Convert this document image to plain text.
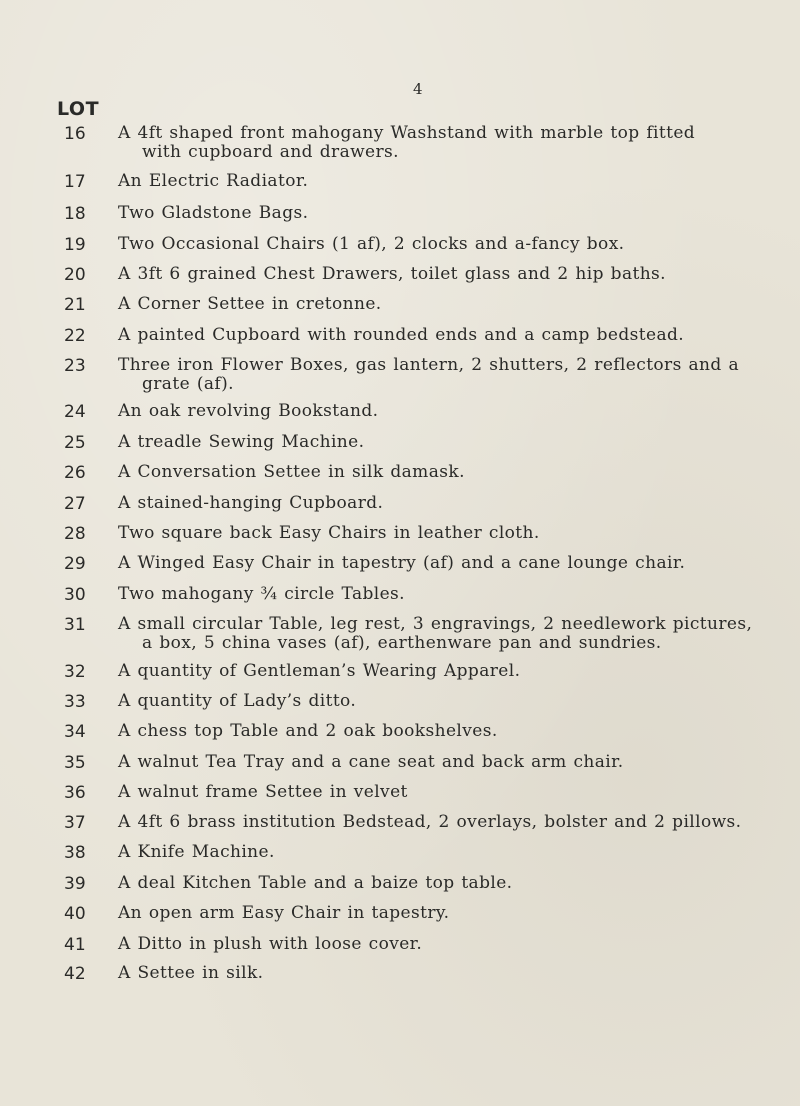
4
LOT
16	A 4ft shaped front mahogany Washstand with marble top fitted
with cupboard and drawers.
17	An Electric Radiator.
18	Two Gladstone Bags.
19	Two Occasional Chairs (1 af), 2 clocks and a-fancy box.
20	A 3ft 6 grained Chest Drawers, toilet glass and 2 hip baths.
21	A Corner Settee in cretonne.
22	A painted Cupboard with rounded ends and a camp bedstead.
23	Three iron Flower Boxes, gas lantern, 2 shutters, 2 reflectors and a
grate (af).
24	An oak revolving Bookstand.
25	A treadle Sewing Machine.
26	A Conversation Settee in silk damask.
27	A stained-hanging Cupboard.
28	Two square back Easy Chairs in leather cloth.
29	A Winged Easy Chair in tapestry (af) and a cane lounge chair.
30	Two mahogany ¾ circle Tables.
31	A small circular Table, leg rest, 3 engravings, 2 needlework pictures,
a box, 5 china vases (af), earthenware pan and sundries.
32	A quantity of Gentleman’s Wearing Apparel.
33	A quantity of Lady’s ditto.
34	A chess top Table and 2 oak bookshelves.
35	A walnut Tea Tray and a cane seat and back arm chair.
36	A walnut frame Settee in velvet
37	A 4ft 6 brass institution Bedstead, 2 overlays, bolster and 2 pillows.
38	A Knife Machine.
39	A deal Kitchen Table and a baize top table.
40	An open arm Easy Chair in tapestry.
41	A Ditto in plush with loose cover.
42	A Settee in silk.
